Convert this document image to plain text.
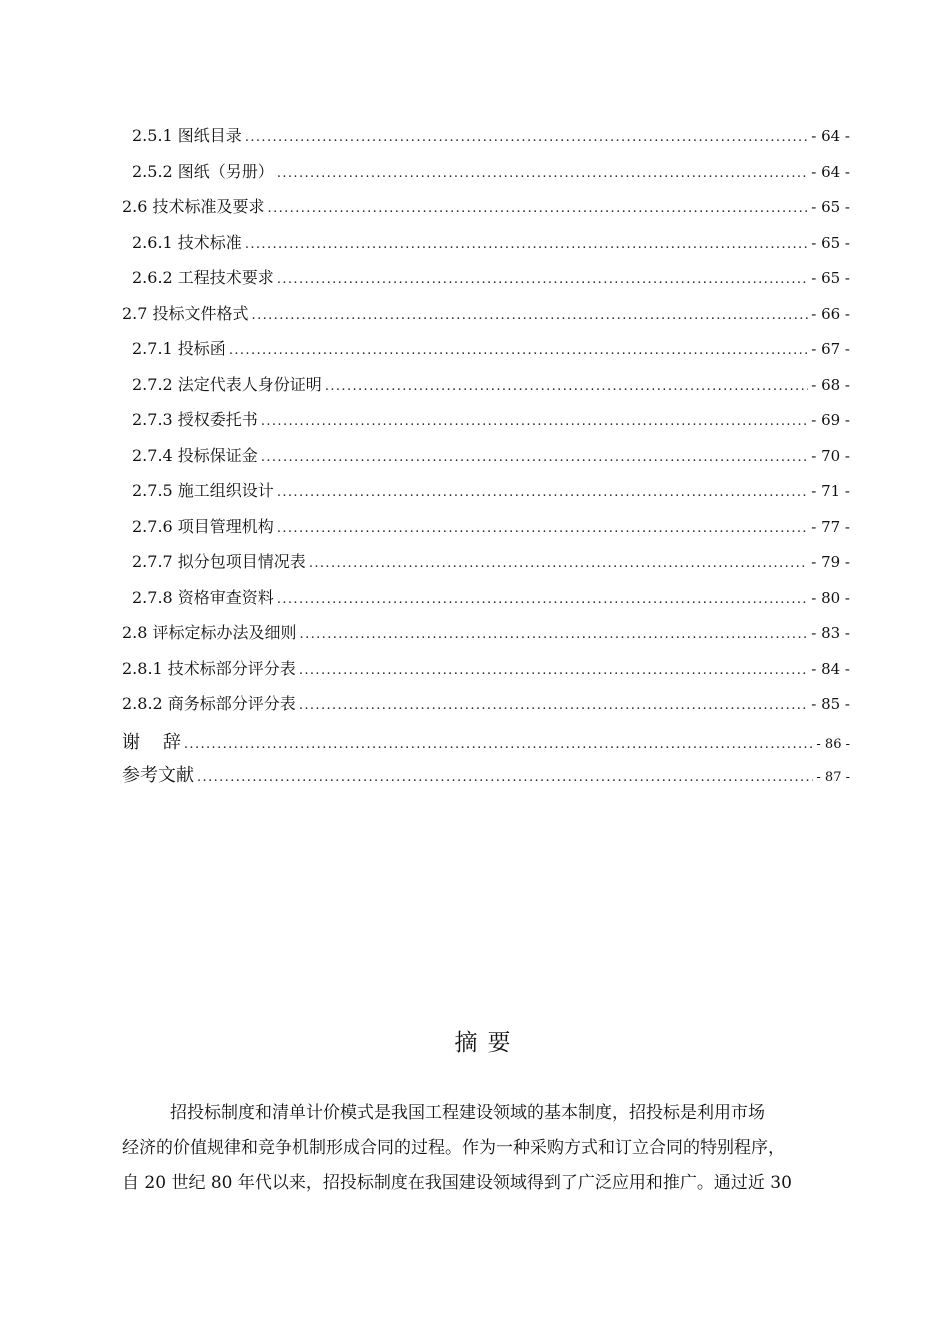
2.5.1 图纸目录 .....	- 64 -
2.5.2 图纸（另册） .....	- 64 -
2.6 技术标准及要求 .....	- 65 -
2.6.1 技术标准 .....	- 65 -
2.6.2 工程技术要求 .....	- 65 -
2.7 投标文件格式 .....	- 66 -
2.7.1 投标函 .....	- 67 -
2.7.2 法定代表人身份证明 .....	- 68 -
2.7.3 授权委托书 .....	- 69 -
2.7.4 投标保证金 .....	- 70 -
2.7.5 施工组织设计 .....	- 71 -
2.7.6 项目管理机构 .....	- 77 -
2.7.7 拟分包项目情况表 .....	- 79 -
2.7.8 资格审查资料 .....	- 80 -
2.8 评标定标办法及细则 .....	- 83 -
2.8.1 技术标部分评分表 .....	- 84 -
2.8.2 商务标部分评分表 .....	- 85 -
谢    辞 .....	- 86 -
参考文献 .....	- 87 -
摘要
招投标制度和清单计价模式是我国工程建设领域的基本制度，招投标是利用市场
经济的价值规律和竞争机制形成合同的过程。作为一种采购方式和订立合同的特别程序，
自 20 世纪 80 年代以来，招投标制度在我国建设领域得到了广泛应用和推广。通过近 30
